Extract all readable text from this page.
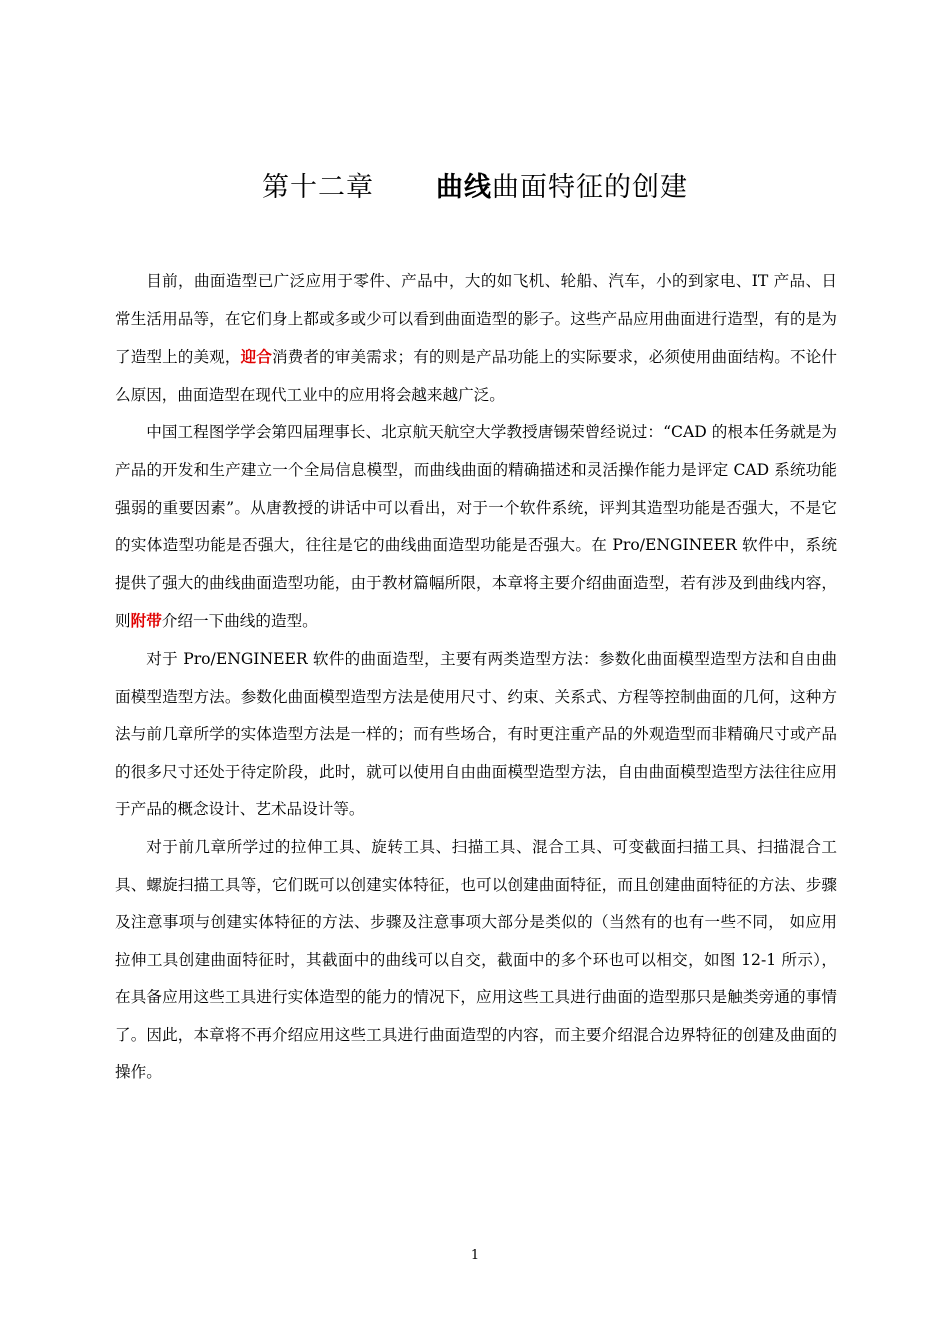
第十二章 曲线曲面特征的创建

目前，曲面造型已广泛应用于零件、产品中，大的如飞机、轮船、汽车，小的到家电、IT 产品、日常生活用品等，在它们身上都或多或少可以看到曲面造型的影子。这些产品应用曲面进行造型，有的是为了造型上的美观，迎合消费者的审美需求；有的则是产品功能上的实际要求，必须使用曲面结构。不论什么原因，曲面造型在现代工业中的应用将会越来越广泛。

中国工程图学学会第四届理事长、北京航天航空大学教授唐锡荣曾经说过：“CAD 的根本任务就是为产品的开发和生产建立一个全局信息模型，而曲线曲面的精确描述和灵活操作能力是评定 CAD 系统功能强弱的重要因素”。从唐教授的讲话中可以看出，对于一个软件系统，评判其造型功能是否强大，不是它的实体造型功能是否强大，往往是它的曲线曲面造型功能是否强大。在 Pro/ENGINEER 软件中，系统提供了强大的曲线曲面造型功能，由于教材篇幅所限，本章将主要介绍曲面造型，若有涉及到曲线内容，则附带介绍一下曲线的造型。

对于 Pro/ENGINEER 软件的曲面造型，主要有两类造型方法：参数化曲面模型造型方法和自由曲面模型造型方法。参数化曲面模型造型方法是使用尺寸、约束、关系式、方程等控制曲面的几何，这种方法与前几章所学的实体造型方法是一样的；而有些场合，有时更注重产品的外观造型而非精确尺寸或产品的很多尺寸还处于待定阶段，此时，就可以使用自由曲面模型造型方法，自由曲面模型造型方法往往应用于产品的概念设计、艺术品设计等。

对于前几章所学过的拉伸工具、旋转工具、扫描工具、混合工具、可变截面扫描工具、扫描混合工具、螺旋扫描工具等，它们既可以创建实体特征，也可以创建曲面特征，而且创建曲面特征的方法、步骤及注意事项与创建实体特征的方法、步骤及注意事项大部分是类似的（当然有的也有一些不同， 如应用拉伸工具创建曲面特征时，其截面中的曲线可以自交，截面中的多个环也可以相交，如图 12-1 所示），在具备应用这些工具进行实体造型的能力的情况下，应用这些工具进行曲面的造型那只是触类旁通的事情了。因此，本章将不再介绍应用这些工具进行曲面造型的内容，而主要介绍混合边界特征的创建及曲面的操作。

1
